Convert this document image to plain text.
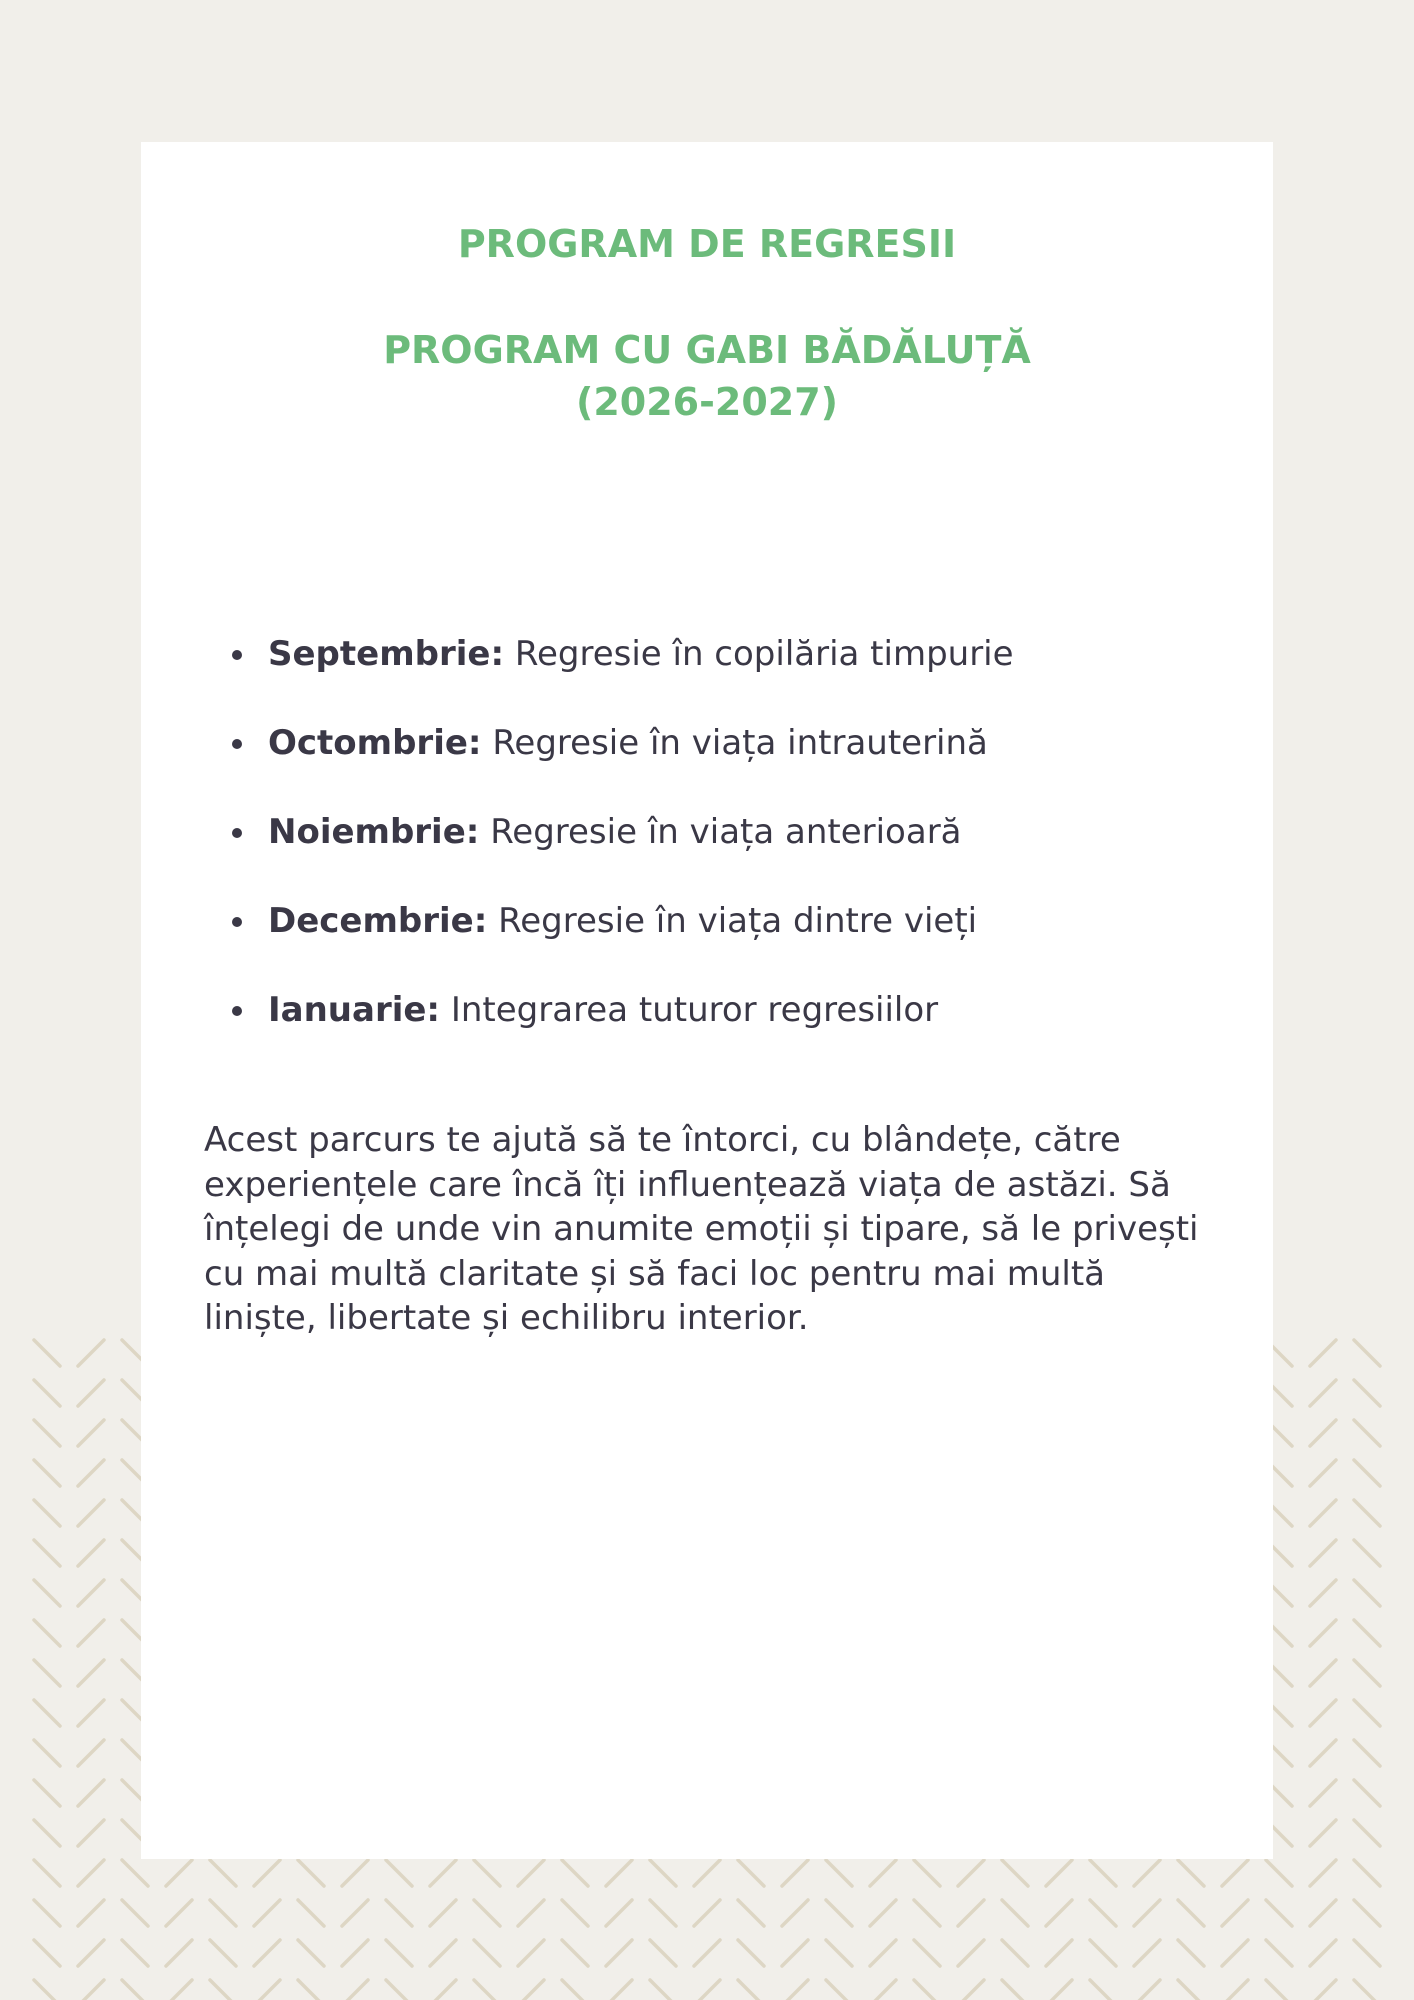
PROGRAM DE REGRESII
PROGRAM CU GABI BĂDĂLUȚĂ (2026-2027)
Septembrie: Regresie în copilăria timpurie
Octombrie: Regresie în viața intrauterină
Noiembrie: Regresie în viața anterioară
Decembrie: Regresie în viața dintre vieți
Ianuarie: Integrarea tuturor regresiilor

Acest parcurs te ajută să te întorci, cu blândețe, către experiențele care încă îți influențează viața de astăzi. Să înțelegi de unde vin anumite emoții și tipare, să le privești cu mai multă claritate și să faci loc pentru mai multă liniște, libertate și echilibru interior.
